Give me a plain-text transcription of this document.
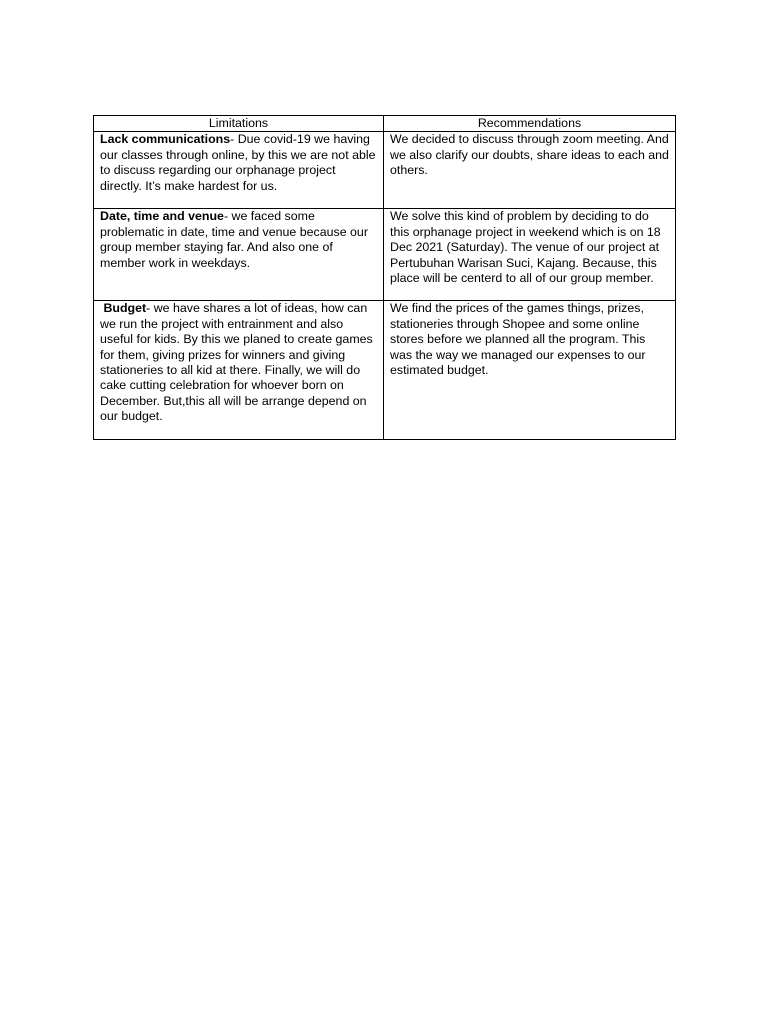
Limitations	Recommendations
Lack communications- Due covid-19 we having our classes through online, by this we are not able to discuss regarding our orphanage project directly. It’s make hardest for us.	We decided to discuss through zoom meeting. And we also clarify our doubts, share ideas to each and others.
Date, time and venue- we faced some problematic in date, time and venue because our group member staying far. And also one of member work in weekdays.	We solve this kind of problem by deciding to do this orphanage project in weekend which is on 18 Dec 2021 (Saturday). The venue of our project at Pertubuhan Warisan Suci, Kajang. Because, this place will be centerd to all of our group member.
Budget- we have shares a lot of ideas, how can we run the project with entrainment and also useful for kids. By this we planed to create games for them, giving prizes for winners and giving stationeries to all kid at there. Finally, we will do cake cutting celebration for whoever born on December. But,this all will be arrange depend on our budget.	We find the prices of the games things, prizes, stationeries through Shopee and some online stores before we planned all the program. This was the way we managed our expenses to our estimated budget.
